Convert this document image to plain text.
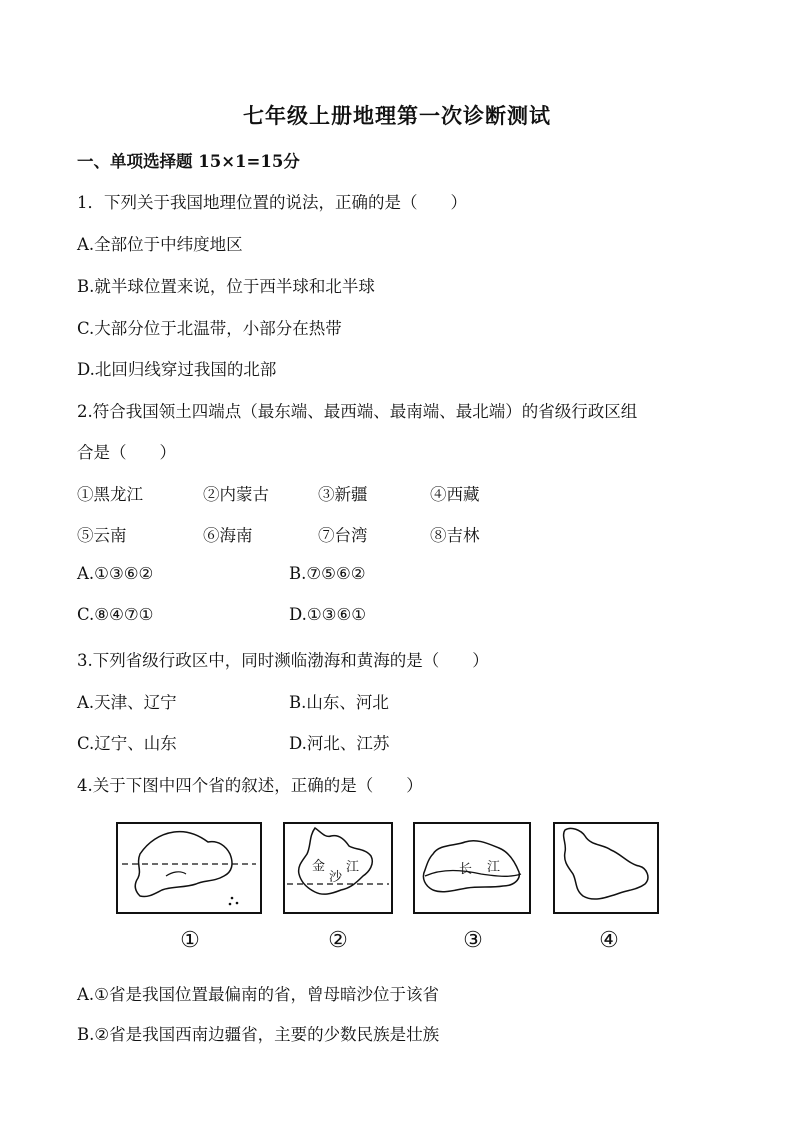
七年级上册地理第一次诊断测试
一、单项选择题 15×1=15分
1．下列关于我国地理位置的说法，正确的是（　　）
A.全部位于中纬度地区
B.就半球位置来说，位于西半球和北半球
C.大部分位于北温带，小部分在热带
D.北回归线穿过我国的北部
2.符合我国领土四端点（最东端、最西端、最南端、最北端）的省级行政区组
合是（　　）
①黑龙江	②内蒙古	③新疆	④西藏
⑤云南	⑥海南	⑦台湾	⑧吉林
A.①③⑥②	B.⑦⑤⑥②
C.⑧④⑦①	D.①③⑥①
3.下列省级行政区中，同时濒临渤海和黄海的是（　　）
A.天津、辽宁	B.山东、河北
C.辽宁、山东	D.河北、江苏
4.关于下图中四个省的叙述，正确的是（　　）
金
沙
江	长 江
①	②	③	④
A.①省是我国位置最偏南的省，曾母暗沙位于该省
B.②省是我国西南边疆省，主要的少数民族是壮族
